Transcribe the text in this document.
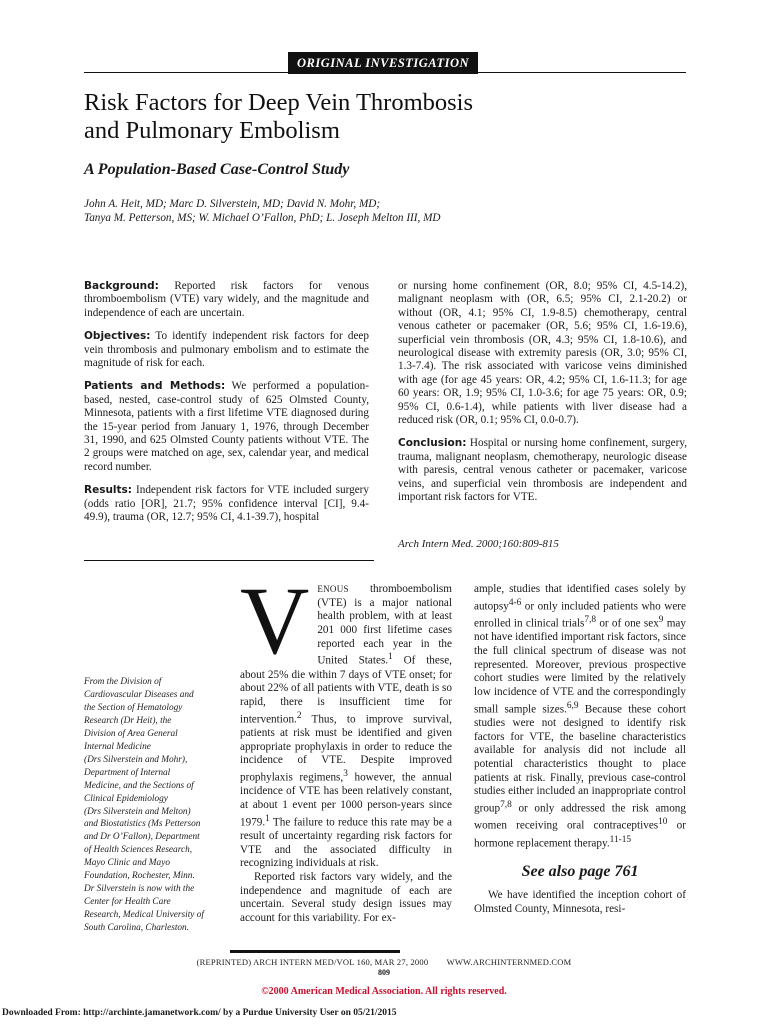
ORIGINAL INVESTIGATION
Risk Factors for Deep Vein Thrombosis
and Pulmonary Embolism
A Population-Based Case-Control Study
John A. Heit, MD; Marc D. Silverstein, MD; David N. Mohr, MD;
Tanya M. Petterson, MS; W. Michael O’Fallon, PhD; L. Joseph Melton III, MD

Background: Reported risk factors for venous thromboembolism (VTE) vary widely, and the magnitude and independence of each are uncertain.

Objectives: To identify independent risk factors for deep vein thrombosis and pulmonary embolism and to estimate the magnitude of risk for each.

Patients and Methods: We performed a population-based, nested, case-control study of 625 Olmsted County, Minnesota, patients with a first lifetime VTE diagnosed during the 15-year period from January 1, 1976, through December 31, 1990, and 625 Olmsted County patients without VTE. The 2 groups were matched on age, sex, calendar year, and medical record number.

Results: Independent risk factors for VTE included surgery (odds ratio [OR], 21.7; 95% confidence interval [CI], 9.4-49.9), trauma (OR, 12.7; 95% CI, 4.1-39.7), hospital

or nursing home confinement (OR, 8.0; 95% CI, 4.5-14.2), malignant neoplasm with (OR, 6.5; 95% CI, 2.1-20.2) or without (OR, 4.1; 95% CI, 1.9-8.5) chemotherapy, central venous catheter or pacemaker (OR, 5.6; 95% CI, 1.6-19.6), superficial vein thrombosis (OR, 4.3; 95% CI, 1.8-10.6), and neurological disease with extremity paresis (OR, 3.0; 95% CI, 1.3-7.4). The risk associated with varicose veins diminished with age (for age 45 years: OR, 4.2; 95% CI, 1.6-11.3; for age 60 years: OR, 1.9; 95% CI, 1.0-3.6; for age 75 years: OR, 0.9; 95% CI, 0.6-1.4), while patients with liver disease had a reduced risk (OR, 0.1; 95% CI, 0.0-0.7).

Conclusion: Hospital or nursing home confinement, surgery, trauma, malignant neoplasm, chemotherapy, neurologic disease with paresis, central venous catheter or pacemaker, varicose veins, and superficial vein thrombosis are independent and important risk factors for VTE.

Arch Intern Med. 2000;160:809-815
From the Division of
Cardiovascular Diseases and
the Section of Hematology
Research (Dr Heit), the
Division of Area General
Internal Medicine
(Drs Silverstein and Mohr),
Department of Internal
Medicine, and the Sections of
Clinical Epidemiology
(Drs Silverstein and Melton)
and Biostatistics (Ms Petterson
and Dr O’Fallon), Department
of Health Sciences Research,
Mayo Clinic and Mayo
Foundation, Rochester, Minn.
Dr Silverstein is now with the
Center for Health Care
Research, Medical University of
South Carolina, Charleston.

VENOUS thromboembolism (VTE) is a major national health problem, with at least 201 000 first lifetime cases reported each year in the United States.$^1$ Of these, about 25% die within 7 days of VTE onset; for about 22% of all patients with VTE, death is so rapid, there is insufficient time for intervention.$^2$ Thus, to improve survival, patients at risk must be identified and given appropriate prophylaxis in order to reduce the incidence of VTE. Despite improved prophylaxis regimens,$^3$ however, the annual incidence of VTE has been relatively constant, at about 1 event per 1000 person-years since 1979.$^1$ The failure to reduce this rate may be a result of uncertainty regarding risk factors for VTE and the associated difficulty in recognizing individuals at risk.

Reported risk factors vary widely, and the independence and magnitude of each are uncertain. Several study design issues may account for this variability. For ex-

ample, studies that identified cases solely by autopsy$^{4-6}$ or only included patients who were enrolled in clinical trials$^{7,8}$ or of one sex$^9$ may not have identified important risk factors, since the full clinical spectrum of disease was not represented. Moreover, previous prospective cohort studies were limited by the relatively low incidence of VTE and the correspondingly small sample sizes.$^{6,9}$ Because these cohort studies were not designed to identify risk factors for VTE, the baseline characteristics available for analysis did not include all potential characteristics thought to place patients at risk. Finally, previous case-control studies either included an inappropriate control group$^{7,8}$ or only addressed the risk among women receiving oral contraceptives$^{10}$ or hormone replacement therapy.$^{11-15}$

See also page 761

We have identified the inception cohort of Olmsted County, Minnesota, resi-

(REPRINTED) ARCH INTERN MED/VOL 160, MAR 27, 2000 WWW.ARCHINTERNMED.COM
809
©2000 American Medical Association. All rights reserved.
Downloaded From: http://archinte.jamanetwork.com/ by a Purdue University User on 05/21/2015
